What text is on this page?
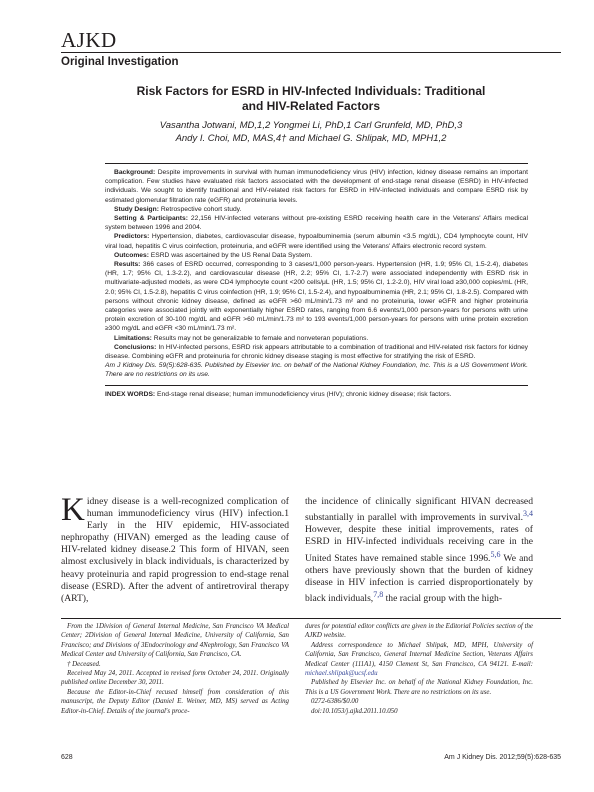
AJKD
Original Investigation
Risk Factors for ESRD in HIV-Infected Individuals: Traditional
and HIV-Related Factors
Vasantha Jotwani, MD,1,2 Yongmei Li, PhD,1 Carl Grunfeld, MD, PhD,3
Andy I. Choi, MD, MAS,4† and Michael G. Shlipak, MD, MPH1,2

Background: Despite improvements in survival with human immunodeficiency virus (HIV) infection, kidney disease remains an important complication. Few studies have evaluated risk factors associated with the development of end-stage renal disease (ESRD) in HIV-infected individuals. We sought to identify traditional and HIV-related risk factors for ESRD in HIV-infected individuals and compare ESRD risk by estimated glomerular filtration rate (eGFR) and proteinuria levels.

Study Design: Retrospective cohort study.

Setting & Participants: 22,156 HIV-infected veterans without pre-existing ESRD receiving health care in the Veterans' Affairs medical system between 1996 and 2004.

Predictors: Hypertension, diabetes, cardiovascular disease, hypoalbuminemia (serum albumin <3.5 mg/dL), CD4 lymphocyte count, HIV viral load, hepatitis C virus coinfection, proteinuria, and eGFR were identified using the Veterans' Affairs electronic record system.

Outcomes: ESRD was ascertained by the US Renal Data System.

Results: 366 cases of ESRD occurred, corresponding to 3 cases/1,000 person-years. Hypertension (HR, 1.9; 95% CI, 1.5-2.4), diabetes (HR, 1.7; 95% CI, 1.3-2.2), and cardiovascular disease (HR, 2.2; 95% CI, 1.7-2.7) were associated independently with ESRD risk in multivariate-adjusted models, as were CD4 lymphocyte count <200 cells/μL (HR, 1.5; 95% CI, 1.2-2.0), HIV viral load ≥30,000 copies/mL (HR, 2.0; 95% CI, 1.5-2.8), hepatitis C virus coinfection (HR, 1.9; 95% CI, 1.5-2.4), and hypoalbuminemia (HR, 2.1; 95% CI, 1.8-2.5). Compared with persons without chronic kidney disease, defined as eGFR >60 mL/min/1.73 m² and no proteinuria, lower eGFR and higher proteinuria categories were associated jointly with exponentially higher ESRD rates, ranging from 6.6 events/1,000 person-years for persons with urine protein excretion of 30-100 mg/dL and eGFR >60 mL/min/1.73 m² to 193 events/1,000 person-years for persons with urine protein excretion ≥300 mg/dL and eGFR <30 mL/min/1.73 m².

Limitations: Results may not be generalizable to female and nonveteran populations.

Conclusions: In HIV-infected persons, ESRD risk appears attributable to a combination of traditional and HIV-related risk factors for kidney disease. Combining eGFR and proteinuria for chronic kidney disease staging is most effective for stratifying the risk of ESRD.

Am J Kidney Dis. 59(5):628-635. Published by Elsevier Inc. on behalf of the National Kidney Foundation, Inc. This is a US Government Work. There are no restrictions on its use.

INDEX WORDS: End-stage renal disease; human immunodeficiency virus (HIV); chronic kidney disease; risk factors.
Kidney disease is a well-recognized complication of human immunodeficiency virus (HIV) infection.1 Early in the HIV epidemic, HIV-associated nephropathy (HIVAN) emerged as the leading cause of HIV-related kidney disease.2 This form of HIVAN, seen almost exclusively in black individuals, is characterized by heavy proteinuria and rapid progression to end-stage renal disease (ESRD). After the advent of antiretroviral therapy (ART),
the incidence of clinically significant HIVAN decreased substantially in parallel with improvements in survival.$^{3,4}$ However, despite these initial improvements, rates of ESRD in HIV-infected individuals receiving care in the United States have remained stable since 1996.$^{5,6}$ We and others have previously shown that the burden of kidney disease in HIV infection is carried disproportionately by black individuals,$^{7,8}$ the racial group with the high-

From the 1Division of General Internal Medicine, San Francisco VA Medical Center; 2Division of General Internal Medicine, University of California, San Francisco; and Divisions of 3Endocrinology and 4Nephrology, San Francisco VA Medical Center and University of California, San Francisco, CA.

† Deceased.

Received May 24, 2011. Accepted in revised form October 24, 2011. Originally published online December 30, 2011.

Because the Editor-in-Chief recused himself from consideration of this manuscript, the Deputy Editor (Daniel E. Weiner, MD, MS) served as Acting Editor-in-Chief. Details of the journal's proce-

dures for potential editor conflicts are given in the Editorial Policies section of the AJKD website.

Address correspondence to Michael Shlipak, MD, MPH, University of California, San Francisco, General Internal Medicine Section, Veterans Affairs Medical Center (111A1), 4150 Clement St, San Francisco, CA 94121. E-mail: michael.shlipak@ucsf.edu

Published by Elsevier Inc. on behalf of the National Kidney Foundation, Inc. This is a US Government Work. There are no restrictions on its use.

0272-6386/$0.00

doi:10.1053/j.ajkd.2011.10.050

628	Am J Kidney Dis. 2012;59(5):628-635
